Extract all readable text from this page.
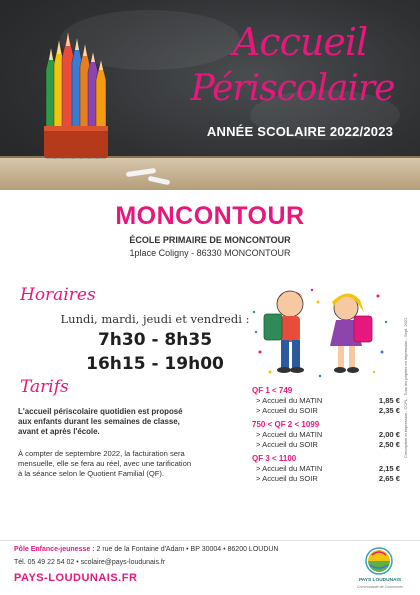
Accueil
Périscolaire
ANNÉE SCOLAIRE 2022/2023
MONCONTOUR
ÉCOLE PRIMAIRE DE MONCONTOUR
1place Coligny - 86330 MONCONTOUR
Horaires
Lundi, mardi, jeudi et vendredi :
7h30 - 8h35
16h15 - 19h00
Tarifs
L'accueil périscolaire quotidien est proposé
aux enfants durant les semaines de classe,
avant et après l'école.
À compter de septembre 2022, la facturation sera
mensuelle, elle se fera au réel, avec une tarification
à la séance selon le Quotient Familial (QF).
QF 1 < 749
> Accueil du MATIN	1,85 €
> Accueil du SOIR	2,35 €
750 < QF 2 < 1099
> Accueil du MATIN	2,00 €
> Accueil du SOIR	2,50 €
QF 3 < 1100
> Accueil du MATIN	2,15 €
> Accueil du SOIR	2,65 €
Conception et impression : CCPL - Tous les papiers en impression - Sept. 2022
Pôle Enfance-jeunesse : 2 rue de la Fontaine d'Adam • BP 30004 • 86200 LOUDUN
Tél. 05 49 22 54 02 • scolaire@pays-loudunais.fr
PAYS-LOUDUNAIS.FR	PAYS LOUDUNAIS
Communauté de Communes
